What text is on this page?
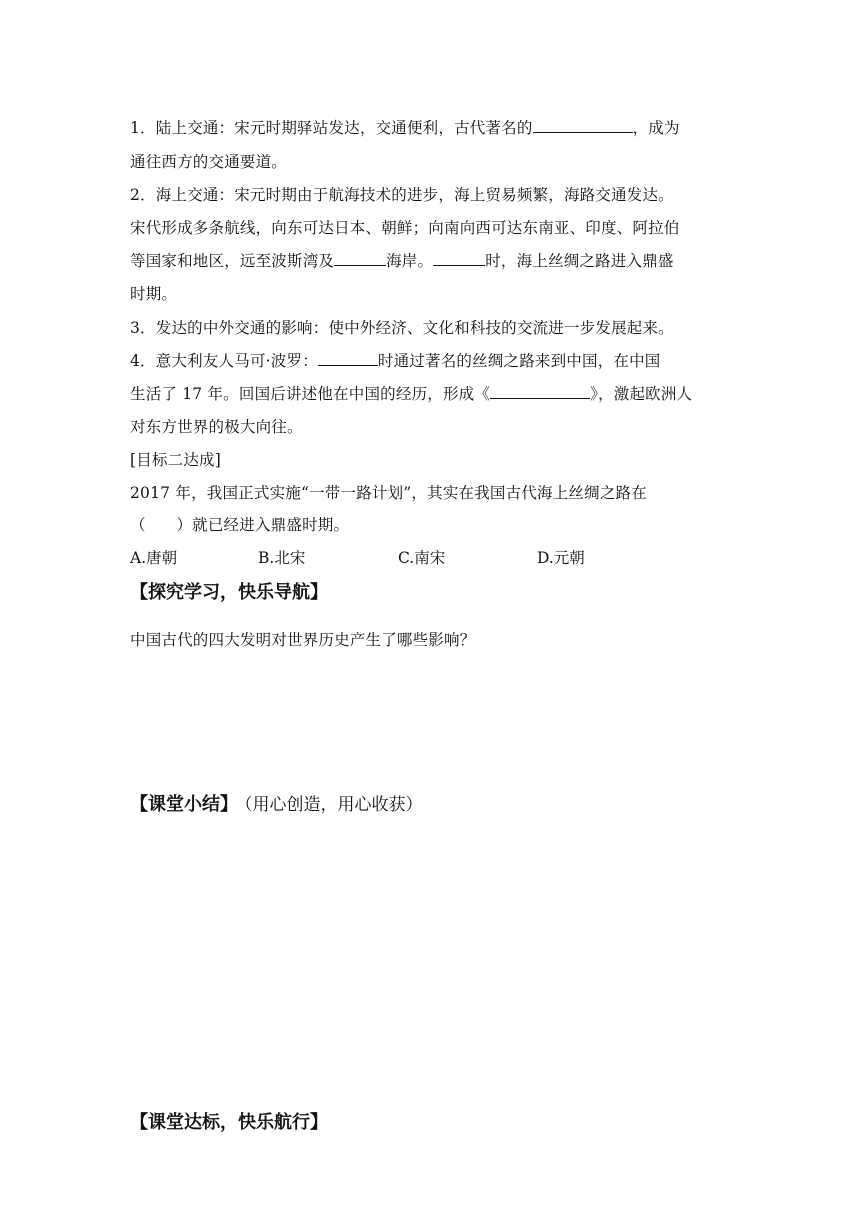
1．陆上交通：宋元时期驿站发达，交通便利，古代著名的	，成为
通往西方的交通要道。
2．海上交通：宋元时期由于航海技术的进步，海上贸易频繁，海路交通发达。
宋代形成多条航线，向东可达日本、朝鲜；向南向西可达东南亚、印度、阿拉伯
等国家和地区，远至波斯湾及	海岸。	时，海上丝绸之路进入鼎盛
时期。
3．发达的中外交通的影响：使中外经济、文化和科技的交流进一步发展起来。
4．意大利友人马可·波罗：	时通过著名的丝绸之路来到中国，在中国
生活了 17 年。回国后讲述他在中国的经历，形成《	》，激起欧洲人
对东方世界的极大向往。
[目标二达成]
2017 年，我国正式实施“一带一路计划”，其实在我国古代海上丝绸之路在
（      ）就已经进入鼎盛时期。
A.唐朝	B.北宋	C.南宋	D.元朝
【探究学习，快乐导航】
中国古代的四大发明对世界历史产生了哪些影响？
【课堂小结】 （用心创造，用心收获）
【课堂达标，快乐航行】
